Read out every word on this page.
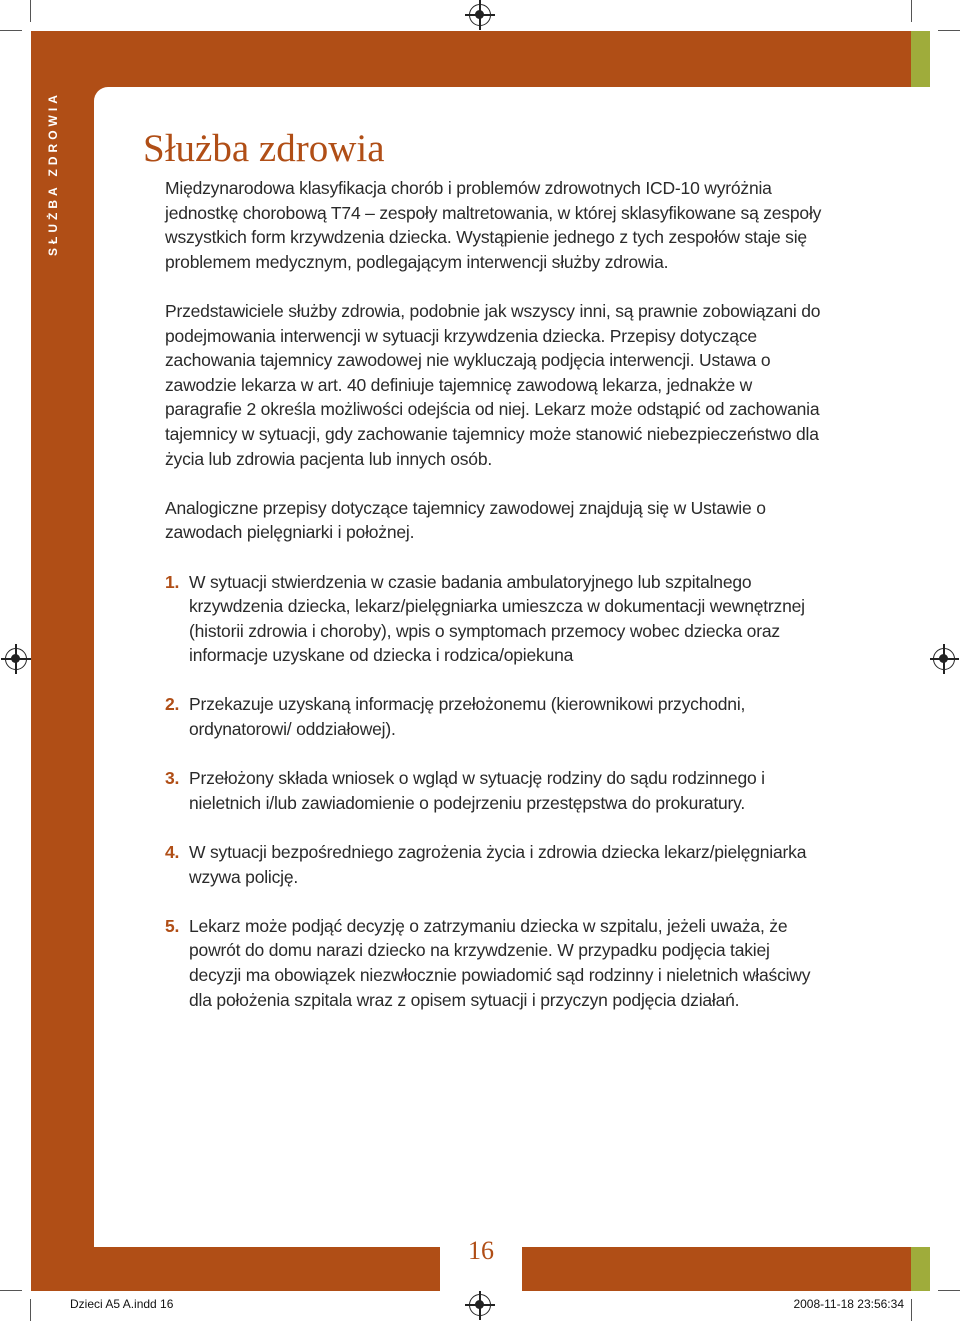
16
SŁUŻBA ZDROWIA Służba zdrowia

Międzynarodowa klasyfikacja chorób i problemów zdrowotnych ICD-10 wyróżnia jednostkę chorobową T74 – zespoły maltretowania, w której sklasyfikowane są zespoły wszystkich form krzywdzenia dziecka. Wystąpienie jednego z tych zespołów staje się problemem medycznym, podlegającym interwencji służby zdrowia.

Przedstawiciele służby zdrowia, podobnie jak wszyscy inni, są prawnie zobowiązani do podejmowania interwencji w sytuacji krzywdzenia dziecka. Przepisy dotyczące zachowania tajemnicy zawodowej nie wykluczają podjęcia interwencji. Ustawa o zawodzie lekarza w art. 40 definiuje tajemnicę zawodową lekarza, jednakże w paragrafie 2 określa możliwości odejścia od niej. Lekarz może odstąpić od zachowania tajemnicy w sytuacji, gdy zachowanie tajemnicy może stanowić niebezpieczeństwo dla życia lub zdrowia pacjenta lub innych osób.

Analogiczne przepisy dotyczące tajemnicy zawodowej znajdują się w Ustawie o zawodach pielęgniarki i położnej.

1. W sytuacji stwierdzenia w czasie badania ambulatoryjnego lub szpitalnego krzywdzenia dziecka, lekarz/pielęgniarka umieszcza w dokumentacji wewnętrznej (historii zdrowia i choroby), wpis o symptomach przemocy wobec dziecka oraz informacje uzyskane od dziecka i rodzica/opiekuna
2. Przekazuje uzyskaną informację przełożonemu (kierownikowi przychodni, ordynatorowi/ oddziałowej).
3. Przełożony składa wniosek o wgląd w sytuację rodziny do sądu rodzinnego i nieletnich i/lub zawiadomienie o podejrzeniu przestępstwa do prokuratury.
4. W sytuacji bezpośredniego zagrożenia życia i zdrowia dziecka lekarz/pielęgniarka wzywa policję.
5. Lekarz może podjąć decyzję o zatrzymaniu dziecka w szpitalu, jeżeli uważa, że powrót do domu narazi dziecko na krzywdzenie. W przypadku podjęcia takiej decyzji ma obowiązek niezwłocznie powiadomić sąd rodzinny i nieletnich właściwy dla położenia szpitala wraz z opisem sytuacji i przyczyn podjęcia działań.
Dzieci A5 A.indd 16	2008-11-18 23:56:34
